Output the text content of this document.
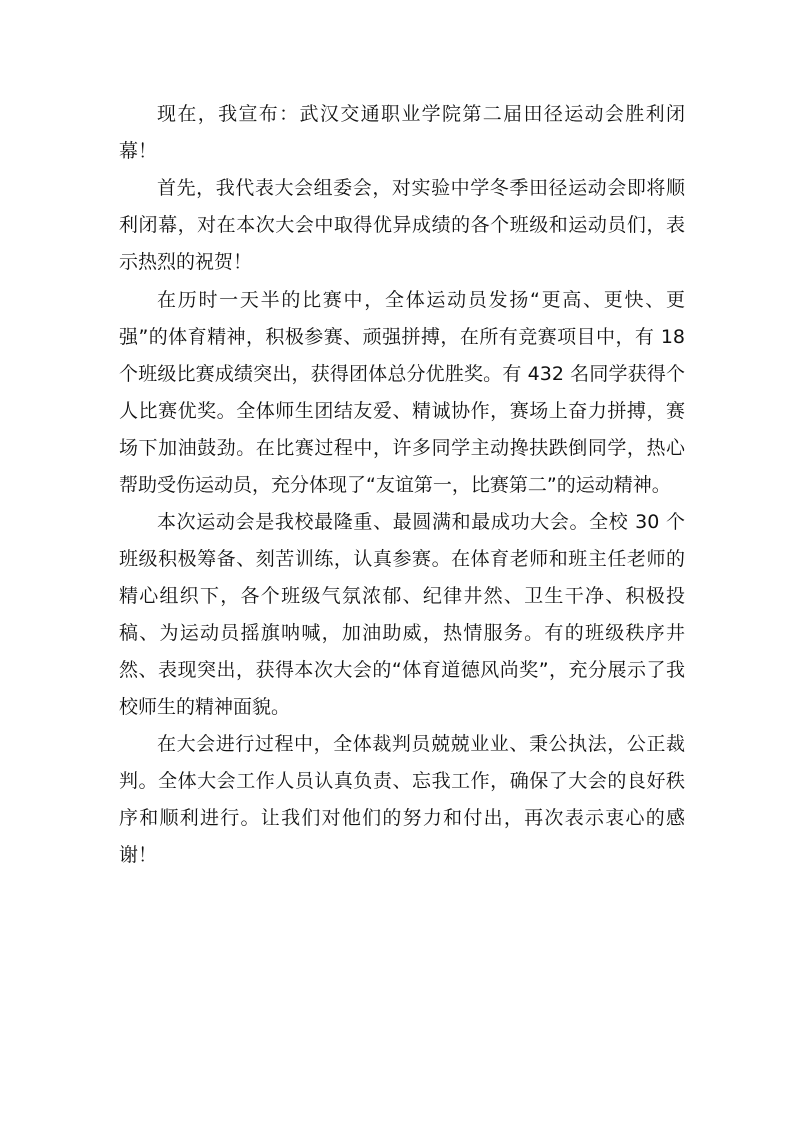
现在，我宣布：武汉交通职业学院第二届田径运动会胜利闭幕！

首先，我代表大会组委会，对实验中学冬季田径运动会即将顺利闭幕，对在本次大会中取得优异成绩的各个班级和运动员们，表示热烈的祝贺！

在历时一天半的比赛中，全体运动员发扬“更高、更快、更强”的体育精神，积极参赛、顽强拼搏，在所有竞赛项目中，有 18 个班级比赛成绩突出，获得团体总分优胜奖。有 432 名同学获得个人比赛优奖。全体师生团结友爱、精诚协作，赛场上奋力拼搏，赛场下加油鼓劲。在比赛过程中，许多同学主动搀扶跌倒同学，热心帮助受伤运动员，充分体现了“友谊第一，比赛第二”的运动精神。

本次运动会是我校最隆重、最圆满和最成功大会。全校 30 个班级积极筹备、刻苦训练，认真参赛。在体育老师和班主任老师的精心组织下，各个班级气氛浓郁、纪律井然、卫生干净、积极投稿、为运动员摇旗呐喊，加油助威，热情服务。有的班级秩序井然、表现突出，获得本次大会的“体育道德风尚奖”，充分展示了我校师生的精神面貌。

在大会进行过程中，全体裁判员兢兢业业、秉公执法，公正裁判。全体大会工作人员认真负责、忘我工作，确保了大会的良好秩序和顺利进行。让我们对他们的努力和付出，再次表示衷心的感谢！
